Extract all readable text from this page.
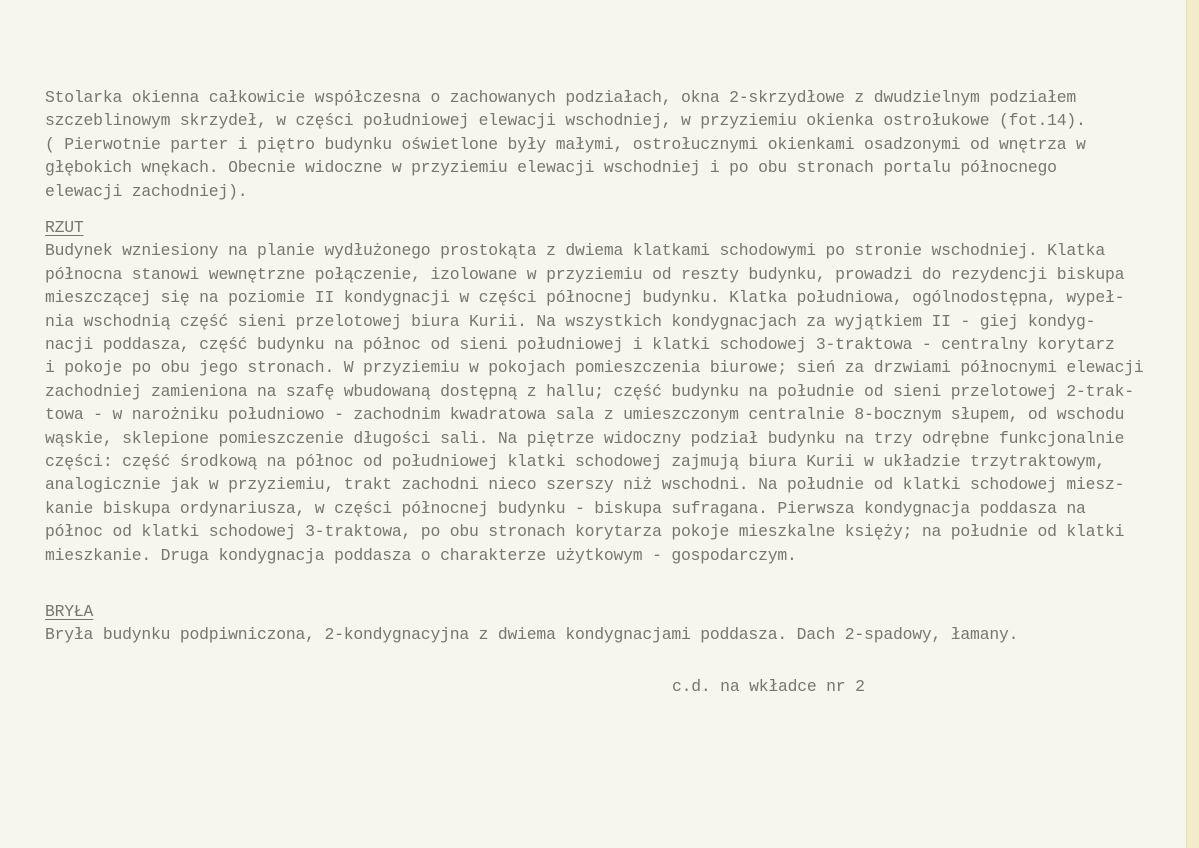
Stolarka okienna całkowicie współczesna o zachowanych podziałach, okna 2-skrzydłowe z dwudzielnym podziałem
szczeblinowym skrzydeł, w części południowej elewacji wschodniej, w przyziemiu okienka ostrołukowe (fot.14).
( Pierwotnie parter i piętro budynku oświetlone były małymi, ostrołucznymi okienkami osadzonymi od wnętrza w
głębokich wnękach. Obecnie widoczne w przyziemiu elewacji wschodniej i po obu stronach portalu północnego
elewacji zachodniej).
RZUT
Budynek wzniesiony na planie wydłużonego prostokąta z dwiema klatkami schodowymi po stronie wschodniej. Klatka
północna stanowi wewnętrzne połączenie, izolowane w przyziemiu od reszty budynku, prowadzi do rezydencji biskupa
mieszczącej się na poziomie II kondygnacji w części północnej budynku. Klatka południowa, ogólnodostępna, wypeł-
nia wschodnią część sieni przelotowej biura Kurii. Na wszystkich kondygnacjach za wyjątkiem II - giej kondyg-
nacji poddasza, część budynku na północ od sieni południowej i klatki schodowej 3-traktowa - centralny korytarz
i pokoje po obu jego stronach. W przyziemiu w pokojach pomieszczenia biurowe; sień za drzwiami północnymi elewacji
zachodniej zamieniona na szafę wbudowaną dostępną z hallu; część budynku na południe od sieni przelotowej 2-trak-
towa - w narożniku południowo - zachodnim kwadratowa sala z umieszczonym centralnie 8-bocznym słupem, od wschodu
wąskie, sklepione pomieszczenie długości sali. Na piętrze widoczny podział budynku na trzy odrębne funkcjonalnie
części: część środkową na północ od południowej klatki schodowej zajmują biura Kurii w układzie trzytraktowym,
analogicznie jak w przyziemiu, trakt zachodni nieco szerszy niż wschodni. Na południe od klatki schodowej miesz-
kanie biskupa ordynariusza, w części północnej budynku - biskupa sufragana. Pierwsza kondygnacja poddasza na
północ od klatki schodowej 3-traktowa, po obu stronach korytarza pokoje mieszkalne księży; na południe od klatki
mieszkanie. Druga kondygnacja poddasza o charakterze użytkowym - gospodarczym.
BRYŁA
Bryła budynku podpiwniczona, 2-kondygnacyjna z dwiema kondygnacjami poddasza. Dach 2-spadowy, łamany.
c.d. na wkładce nr 2
